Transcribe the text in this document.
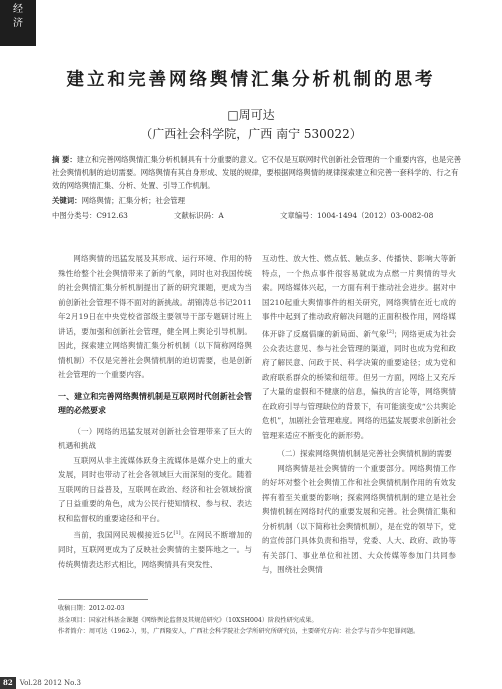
经
济
建立和完善网络舆情汇集分析机制的思考
□周可达
（广西社会科学院，广西 南宁 530022）
摘 要：建立和完善网络舆情汇集分析机制具有十分重要的意义。它不仅是互联网时代创新社会管理的一个重要内容，也是完善社会舆情机制的迫切需要。网络舆情有其自身形成、发展的规律，要根据网络舆情的规律探索建立和完善一套科学的、行之有效的网络舆情汇集、分析、处置、引导工作机制。
关键词：网络舆情；汇集分析；社会管理
中图分类号：C912.63	文献标识码：A	文章编号：1004-1494（2012）03-0082-08

网络舆情的迅猛发展及其形成、运行环境、作用的特殊性给整个社会舆情带来了新的气象，同时也对我国传统的社会舆情汇集分析机制提出了新的研究课题，更成为当前创新社会管理不得不面对的新挑战。胡锦涛总书记2011年2月19日在中央党校省部级主要领导干部专题研讨班上讲话，要加强和创新社会管理，健全网上舆论引导机制。因此，探索建立网络舆情汇集分析机制（以下简称网络舆情机制）不仅是完善社会舆情机制的迫切需要，也是创新社会管理的一个重要内容。

一、建立和完善网络舆情机制是互联网时代创新社会管理的必然要求

（一）网络的迅猛发展对创新社会管理带来了巨大的机遇和挑战

互联网从非主流媒体跃身主流媒体是媒介史上的重大发展，同时也带动了社会各领域巨大而深刻的变化。随着互联网的日益普及，互联网在政治、经济和社会领域扮演了日益重要的角色，成为公民行使知情权、参与权、表达权和监督权的重要途径和平台。

当前，我国网民规模接近5亿[1]。在网民不断增加的同时，互联网更成为了反映社会舆情的主要阵地之一。与传统舆情表达形式相比，网络舆情具有突发性、

互动性、放大性、燃点低、触点多、传播快、影响大等新特点，一个热点事件很容易就成为点燃一片舆情的导火索。网络媒体兴起，一方面有利于推动社会进步。据对中国210起重大舆情事件的相关研究，网络舆情在近七成的事件中起到了推动政府解决问题的正面积极作用，网络媒体开辟了反腐倡廉的新局面、新气象[2]；网络更成为社会公众表达意见、参与社会管理的渠道，同时也成为党和政府了解民意、问政于民、科学决策的重要途径；成为党和政府联系群众的桥梁和纽带。但另一方面，网络上又充斥了大量的虚假和不健康的信息，偏执的言论等，网络舆情在政府引导与管理缺位的背景下，有可能演变成“公共舆论危机”，加剧社会管理难度。网络的迅猛发展要求创新社会管理来适应不断变化的新形势。

（二）探索网络舆情机制是完善社会舆情机制的需要

网络舆情是社会舆情的一个重要部分。网络舆情工作的好坏对整个社会舆情工作和社会舆情机制作用的有效发挥有着至关重要的影响；探索网络舆情机制的建立是社会舆情机制在网络时代的重要发展和完善。社会舆情汇集和分析机制（以下简称社会舆情机制），是在党的领导下，党的宣传部门具体负责和指导，党委、人大、政府、政协等有关部门、事业单位和社团、大众传媒等参加门共同参与，围绕社会舆情

收稿日期：2012-02-03
基金项目：国家社科基金课题《网络舆论监督及其规范研究》（10XSH004）阶段性研究成果。
作者简介：周可达（1962-），男，广西隆安人，广西社会科学院社会学所研究所研究员，主要研究方向：社会学与青少年犯罪问题。
82 Vol.28 2012 No.3
